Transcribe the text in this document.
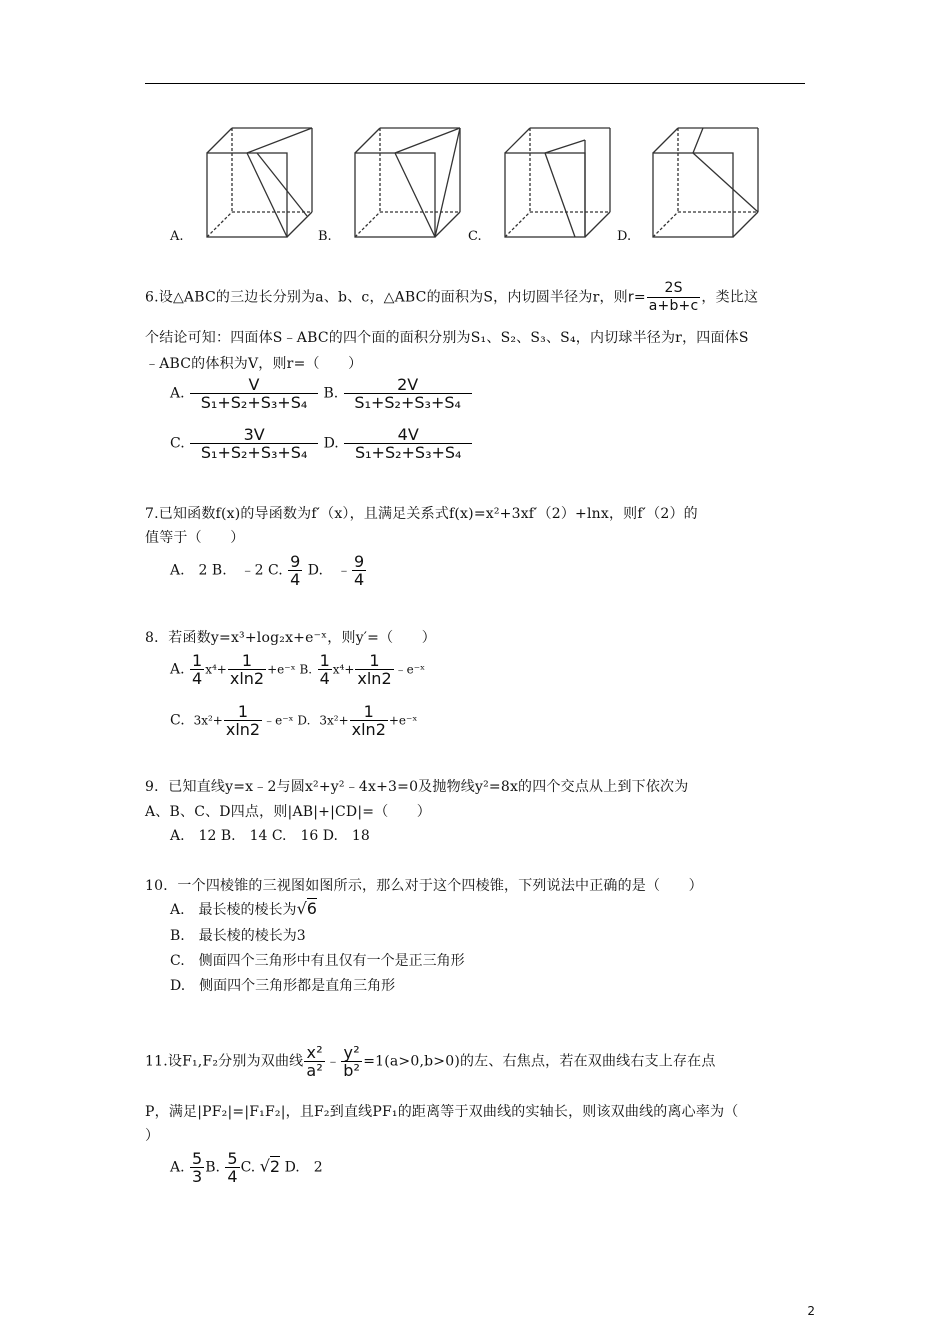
A.	B.	C.	D.
6.设△ABC的三边长分别为a、b、c，△ABC的面积为S，内切圆半径为r，则$r= \frac{2S}{a+b+c}$ ，类比这
个结论可知：四面体S﹣ABC的四个面的面积分别为S₁、S₂、S₃、S₄，内切球半径为r，四面体S
﹣ABC的体积为V，则r=（　　）
A. $\frac{V}{\text{S₁+S₂+S₃+S₄}} B$. $\frac{2V}{\text{S₁+S₂+S₃+S₄}}$
C. $\frac{3V}{\text{S₁+S₂+S₃+S₄}} D$. $\frac{4V}{\text{S₁+S₂+S₃+S₄}}$
7.已知函数f(x)的导函数为f′（x），且满足关系式f(x)=x²+3xf′（2）+lnx，则f′（2）的
值等于（　　）
A.　2 B.　﹣2 C. $\frac{9}{4} D$.　﹣ $\frac{9}{4}$
8．若函数y=x³+log₂x+e⁻ˣ，则y′=（　　）
A. $\frac{1}{4} x^4+ \frac{1}{xln2}$ +e⁻ˣ B. $\frac{1}{4} x^4+ \frac{1}{xln2}$ ﹣e⁻ˣ
C. $3x^2+ \frac{1}{xln2}$ ﹣e⁻ˣ D. $3x^2+ \frac{1}{xln2}$ +e⁻ˣ
9．已知直线y=x﹣2与圆x²+y²﹣4x+3=0及抛物线y²=8x的四个交点从上到下依次为
A、B、C、D四点，则|AB|+|CD|=（　　）
A.　12 B.　14 C.　16 D.　18
10．一个四棱锥的三视图如图所示，那么对于这个四棱锥，下列说法中正确的是（　　）
A.　最长棱的棱长为√6
B.　最长棱的棱长为3
C.　侧面四个三角形中有且仅有一个是正三角形
D.　侧面四个三角形都是直角三角形
11.设F₁,F₂分别为双曲线 $\frac{\text{x²}}{\text{a²}}$ ﹣ $\frac{\text{y²}}{\text{b²}} =1(a>0,b>0)$的左、右焦点，若在双曲线右支上存在点
P，满足|PF₂|=|F₁F₂|，且F₂到直线PF₁的距离等于双曲线的实轴长，则该双曲线的离心率为（
）
A. $\frac{5}{3} B$. $\frac{5}{4} C$. √2 D.　2
2
